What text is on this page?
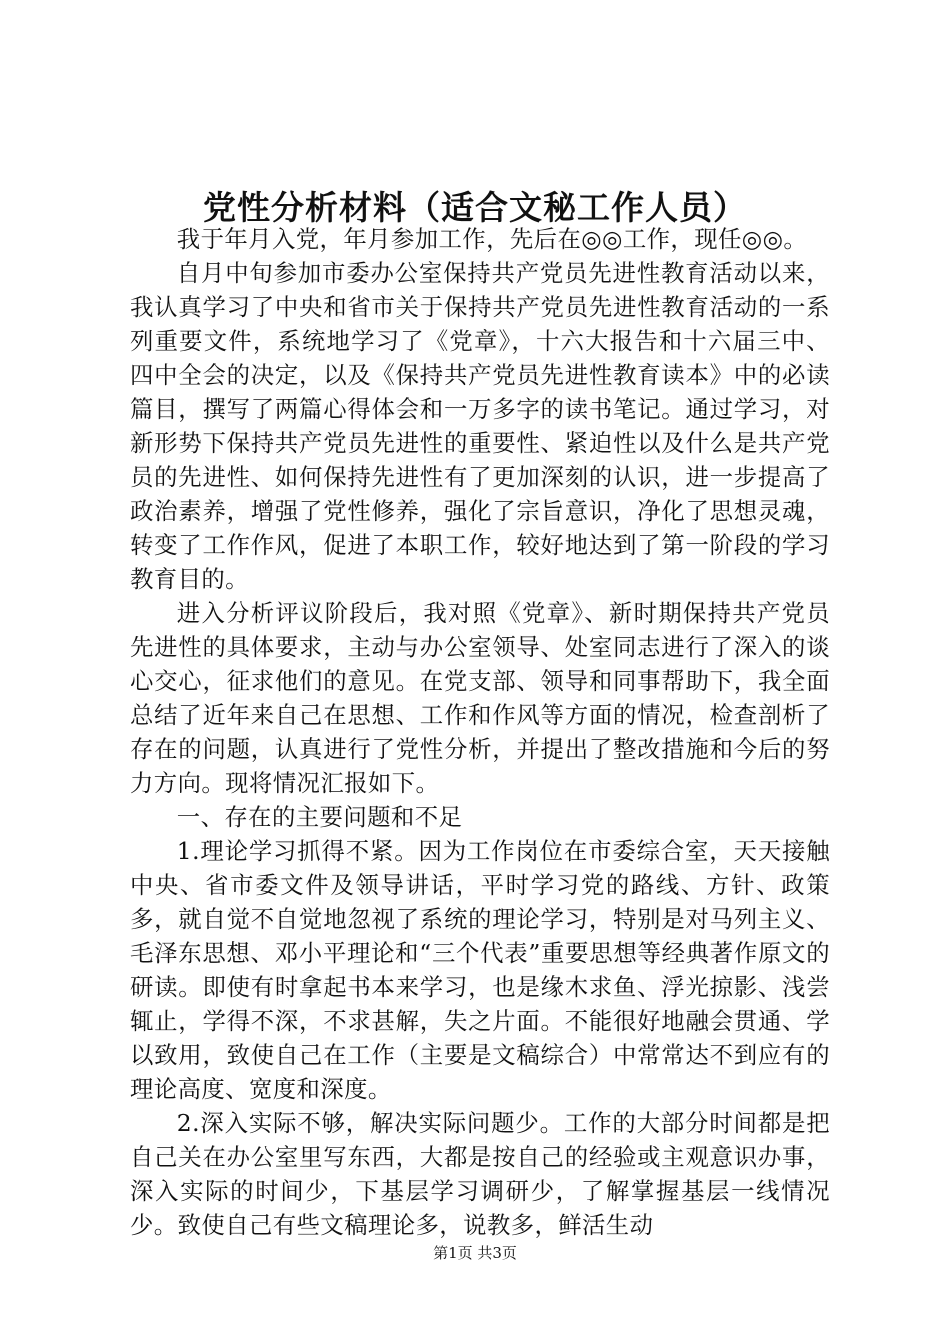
党性分析材料（适合文秘工作人员）

我于年月入党，年月参加工作，先后在◎◎工作，现任◎◎。

自月中旬参加市委办公室保持共产党员先进性教育活动以来，我认真学习了中央和省市关于保持共产党员先进性教育活动的一系列重要文件，系统地学习了《党章》，十六大报告和十六届三中、四中全会的决定，以及《保持共产党员先进性教育读本》中的必读篇目，撰写了两篇心得体会和一万多字的读书笔记。通过学习，对新形势下保持共产党员先进性的重要性、紧迫性以及什么是共产党员的先进性、如何保持先进性有了更加深刻的认识，进一步提高了政治素养，增强了党性修养，强化了宗旨意识，净化了思想灵魂，转变了工作作风，促进了本职工作，较好地达到了第一阶段的学习教育目的。

进入分析评议阶段后，我对照《党章》、新时期保持共产党员先进性的具体要求，主动与办公室领导、处室同志进行了深入的谈心交心，征求他们的意见。在党支部、领导和同事帮助下，我全面总结了近年来自己在思想、工作和作风等方面的情况，检查剖析了存在的问题，认真进行了党性分析，并提出了整改措施和今后的努力方向。现将情况汇报如下。

一、存在的主要问题和不足

1.理论学习抓得不紧。因为工作岗位在市委综合室，天天接触中央、省市委文件及领导讲话，平时学习党的路线、方针、政策多，就自觉不自觉地忽视了系统的理论学习，特别是对马列主义、毛泽东思想、邓小平理论和“三个代表”重要思想等经典著作原文的研读。即使有时拿起书本来学习，也是缘木求鱼、浮光掠影、浅尝辄止，学得不深，不求甚解，失之片面。不能很好地融会贯通、学以致用，致使自己在工作（主要是文稿综合）中常常达不到应有的理论高度、宽度和深度。

2.深入实际不够，解决实际问题少。工作的大部分时间都是把自己关在办公室里写东西，大都是按自己的经验或主观意识办事，深入实际的时间少，下基层学习调研少，了解掌握基层一线情况少。致使自己有些文稿理论多，说教多，鲜活生动

第1页 共3页
